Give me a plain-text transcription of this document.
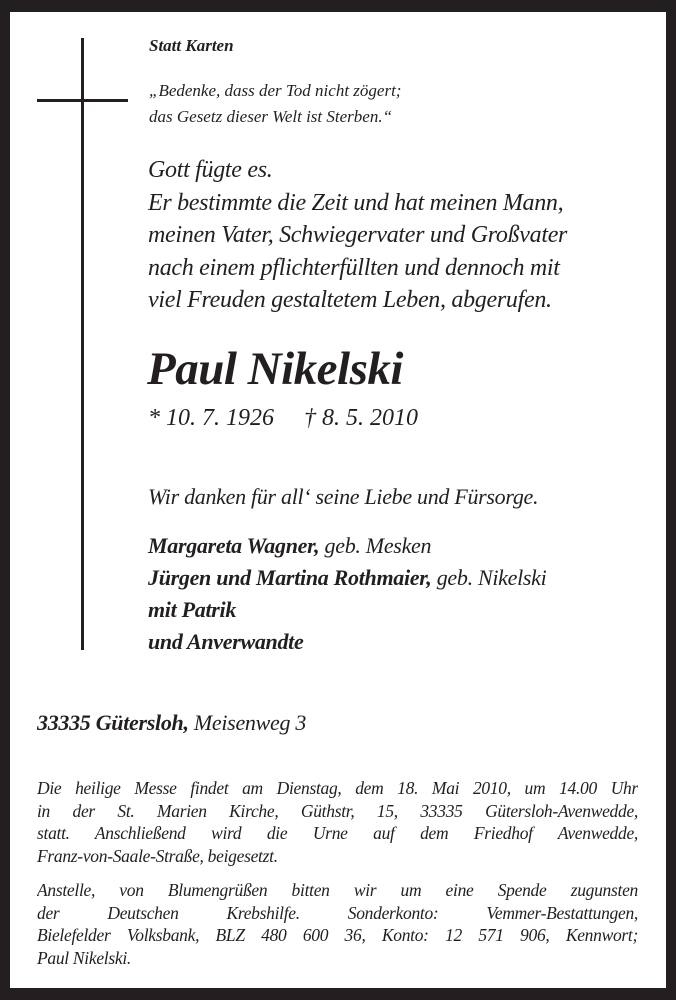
Statt Karten
„Bedenke, dass der Tod nicht zögert;
das Gesetz dieser Welt ist Sterben.“
Gott fügte es.
Er bestimmte die Zeit und hat meinen Mann,
meinen Vater, Schwiegervater und Großvater
nach einem pflichterfüllten und dennoch mit
viel Freuden gestaltetem Leben, abgerufen.
Paul Nikelski
* 10. 7. 1926 † 8. 5. 2010
Wir danken für all‘ seine Liebe und Fürsorge.
Margareta Wagner, geb. Mesken
Jürgen und Martina Rothmaier, geb. Nikelski
mit Patrik
und Anverwandte
33335 Gütersloh, Meisenweg 3
Die heilige Messe findet am Dienstag, dem 18. Mai 2010, um 14.00 Uhr
in der St. Marien Kirche, Güthstr, 15, 33335 Gütersloh-Avenwedde,
statt. Anschließend wird die Urne auf dem Friedhof Avenwedde,
Franz-von-Saale-Straße, beigesetzt.
Anstelle, von Blumengrüßen bitten wir um eine Spende zugunsten
der Deutschen Krebshilfe. Sonderkonto: Vemmer-Bestattungen,
Bielefelder Volksbank, BLZ 480 600 36, Konto: 12 571 906, Kennwort;
Paul Nikelski.
